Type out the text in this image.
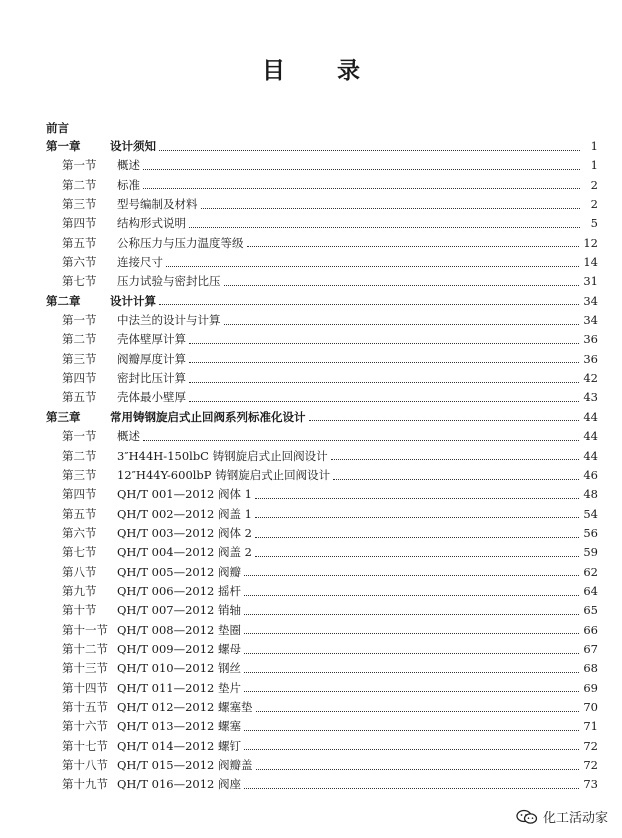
目 录
前言
第一章	设计须知	1
第一节	概述	1
第二节	标准	2
第三节	型号编制及材料	2
第四节	结构形式说明	5
第五节	公称压力与压力温度等级	12
第六节	连接尺寸	14
第七节	压力试验与密封比压	31
第二章	设计计算	34
第一节	中法兰的设计与计算	34
第二节	壳体壁厚计算	36
第三节	阀瓣厚度计算	36
第四节	密封比压计算	42
第五节	壳体最小壁厚	43
第三章	常用铸钢旋启式止回阀系列标准化设计	44
第一节	概述	44
第二节	3″H44H-150lbC 铸钢旋启式止回阀设计	44
第三节	12″H44Y-600lbP 铸钢旋启式止回阀设计	46
第四节	QH/T 001—2012 阀体 1	48
第五节	QH/T 002—2012 阀盖 1	54
第六节	QH/T 003—2012 阀体 2	56
第七节	QH/T 004—2012 阀盖 2	59
第八节	QH/T 005—2012 阀瓣	62
第九节	QH/T 006—2012 摇杆	64
第十节	QH/T 007—2012 销轴	65
第十一节 QH/T 008—2012 垫圈	66
第十二节 QH/T 009—2012 螺母	67
第十三节 QH/T 010—2012 钢丝	68
第十四节 QH/T 011—2012 垫片	69
第十五节 QH/T 012—2012 螺塞垫	70
第十六节 QH/T 013—2012 螺塞	71
第十七节 QH/T 014—2012 螺钉	72
第十八节 QH/T 015—2012 阀瓣盖	72
第十九节 QH/T 016—2012 阀座	73
化工活动家
